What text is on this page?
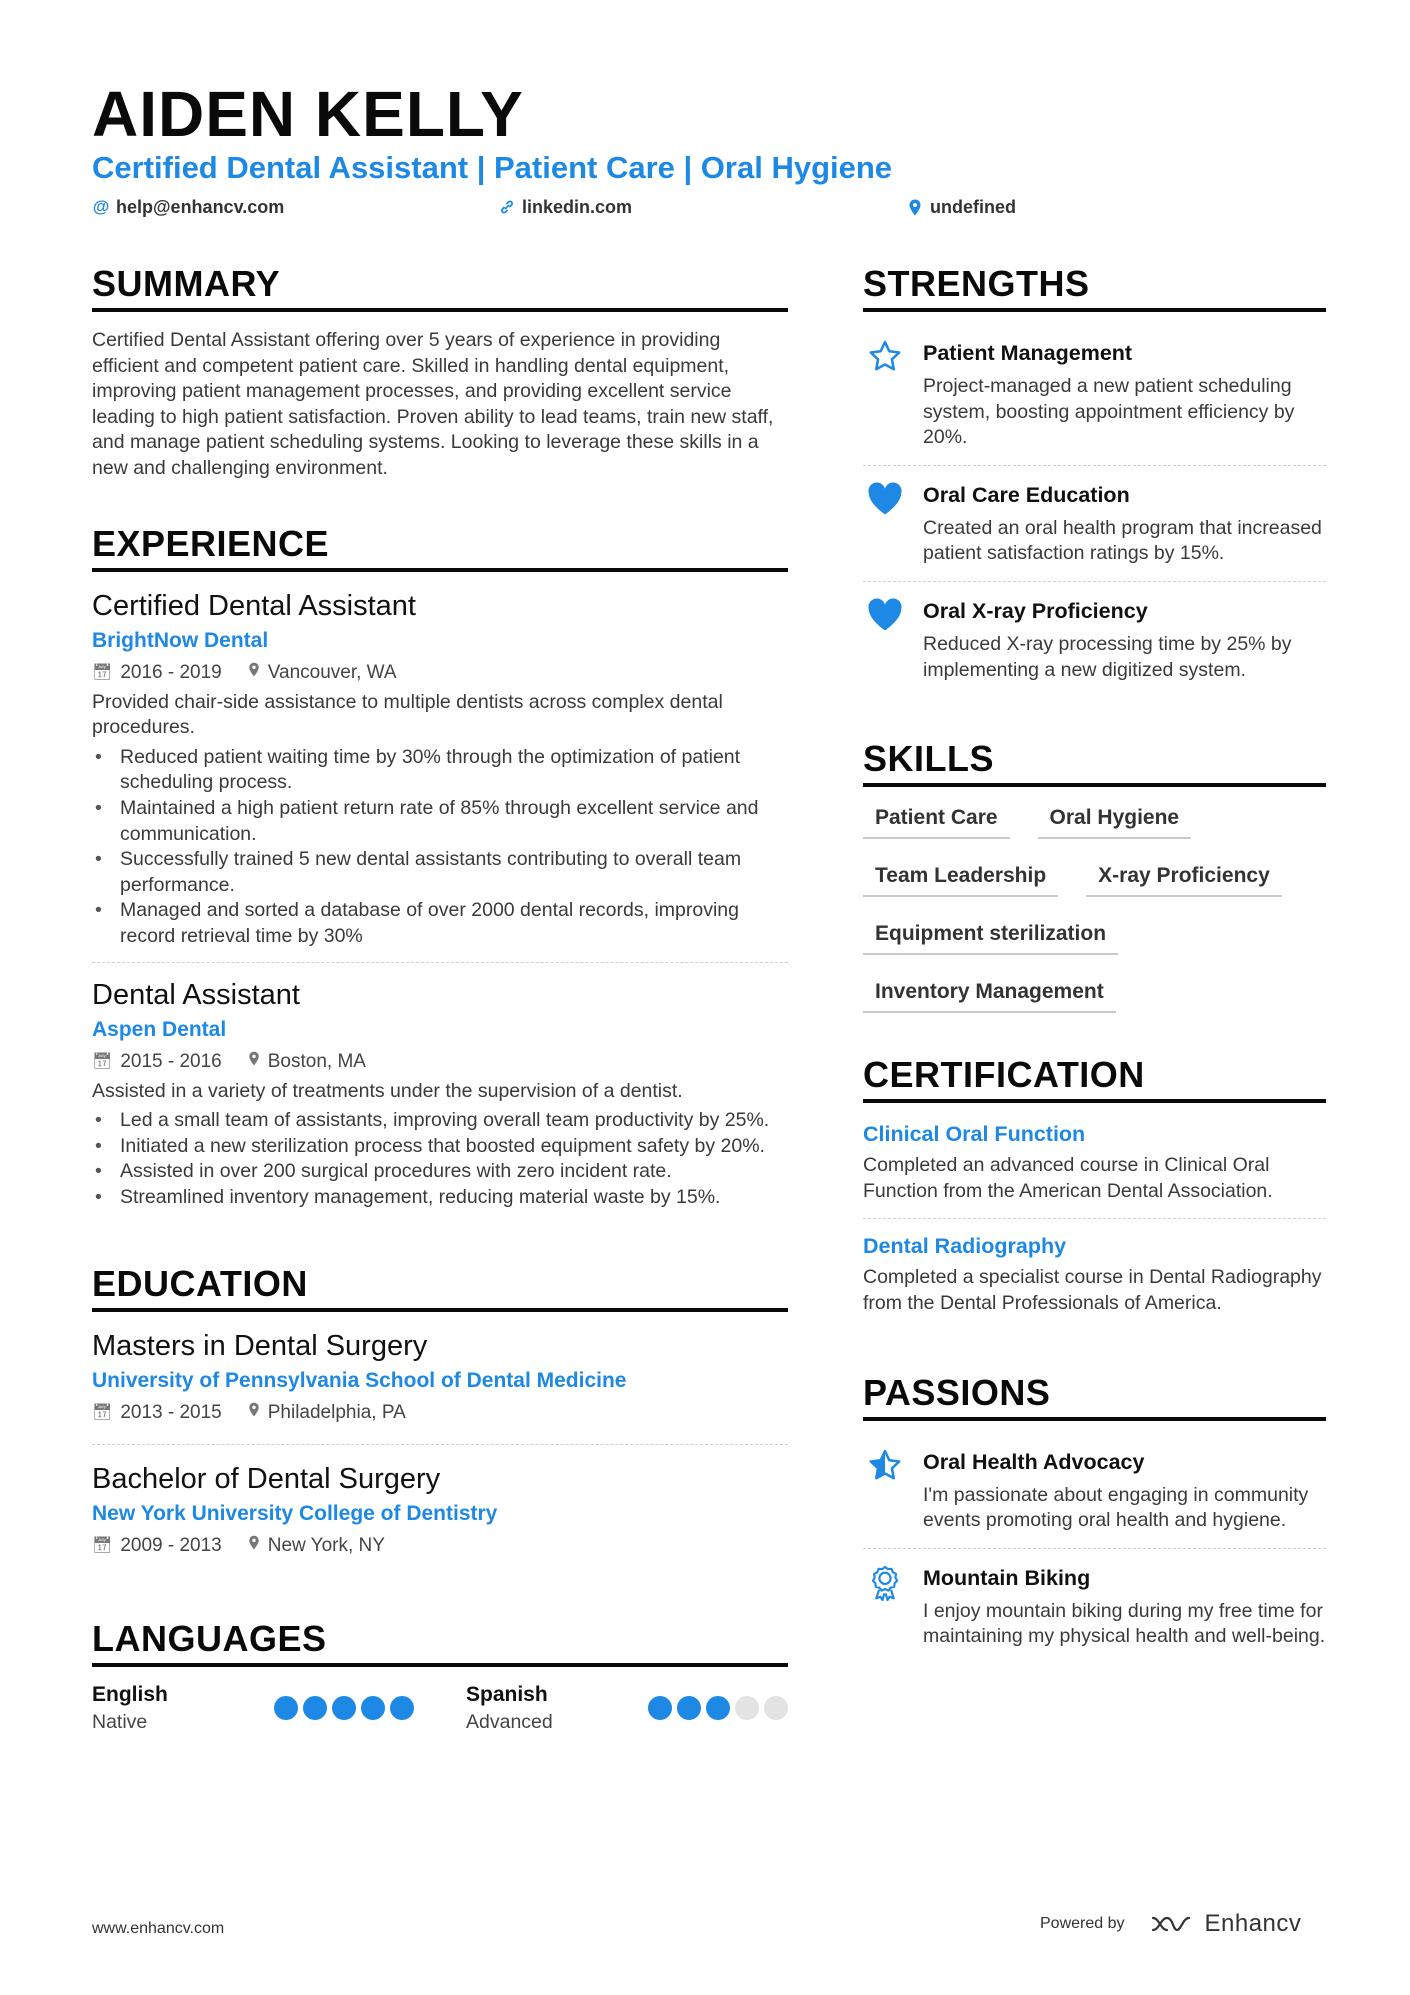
AIDEN KELLY
Certified Dental Assistant | Patient Care | Oral Hygiene
@ help@enhancv.com	linkedin.com	undefined
SUMMARY
Certified Dental Assistant offering over 5 years of experience in providing efficient and competent patient care. Skilled in handling dental equipment, improving patient management processes, and providing excellent service leading to high patient satisfaction. Proven ability to lead teams, train new staff, and manage patient scheduling systems. Looking to leverage these skills in a new and challenging environment.
EXPERIENCE
Certified Dental Assistant
BrightNow Dental
📅︎ 2016 - 2019 Vancouver, WA
Provided chair-side assistance to multiple dentists across complex dental procedures.
• Reduced patient waiting time by 30% through the optimization of patient scheduling process.
• Maintained a high patient return rate of 85% through excellent service and communication.
• Successfully trained 5 new dental assistants contributing to overall team performance.
• Managed and sorted a database of over 2000 dental records, improving record retrieval time by 30%
Dental Assistant
Aspen Dental
📅︎ 2015 - 2016 Boston, MA
Assisted in a variety of treatments under the supervision of a dentist.
• Led a small team of assistants, improving overall team productivity by 25%.
• Initiated a new sterilization process that boosted equipment safety by 20%.
• Assisted in over 200 surgical procedures with zero incident rate.
• Streamlined inventory management, reducing material waste by 15%.
EDUCATION
Masters in Dental Surgery
University of Pennsylvania School of Dental Medicine
📅︎ 2013 - 2015 Philadelphia, PA
Bachelor of Dental Surgery
New York University College of Dentistry
📅︎ 2009 - 2013 New York, NY
LANGUAGES
English
Native
Spanish
Advanced
STRENGTHS
Patient Management
Project-managed a new patient scheduling system, boosting appointment efficiency by 20%.
Oral Care Education
Created an oral health program that increased patient satisfaction ratings by 15%.
Oral X-ray Proficiency
Reduced X-ray processing time by 25% by implementing a new digitized system.
SKILLS
Patient Care	Oral Hygiene
Team Leadership	X-ray Proficiency
Equipment sterilization
Inventory Management
CERTIFICATION
Clinical Oral Function
Completed an advanced course in Clinical Oral Function from the American Dental Association.
Dental Radiography
Completed a specialist course in Dental Radiography from the Dental Professionals of America.
PASSIONS
Oral Health Advocacy
I'm passionate about engaging in community events promoting oral health and hygiene.
Mountain Biking
I enjoy mountain biking during my free time for maintaining my physical health and well-being.
www.enhancv.com	Powered by	Enhancv
